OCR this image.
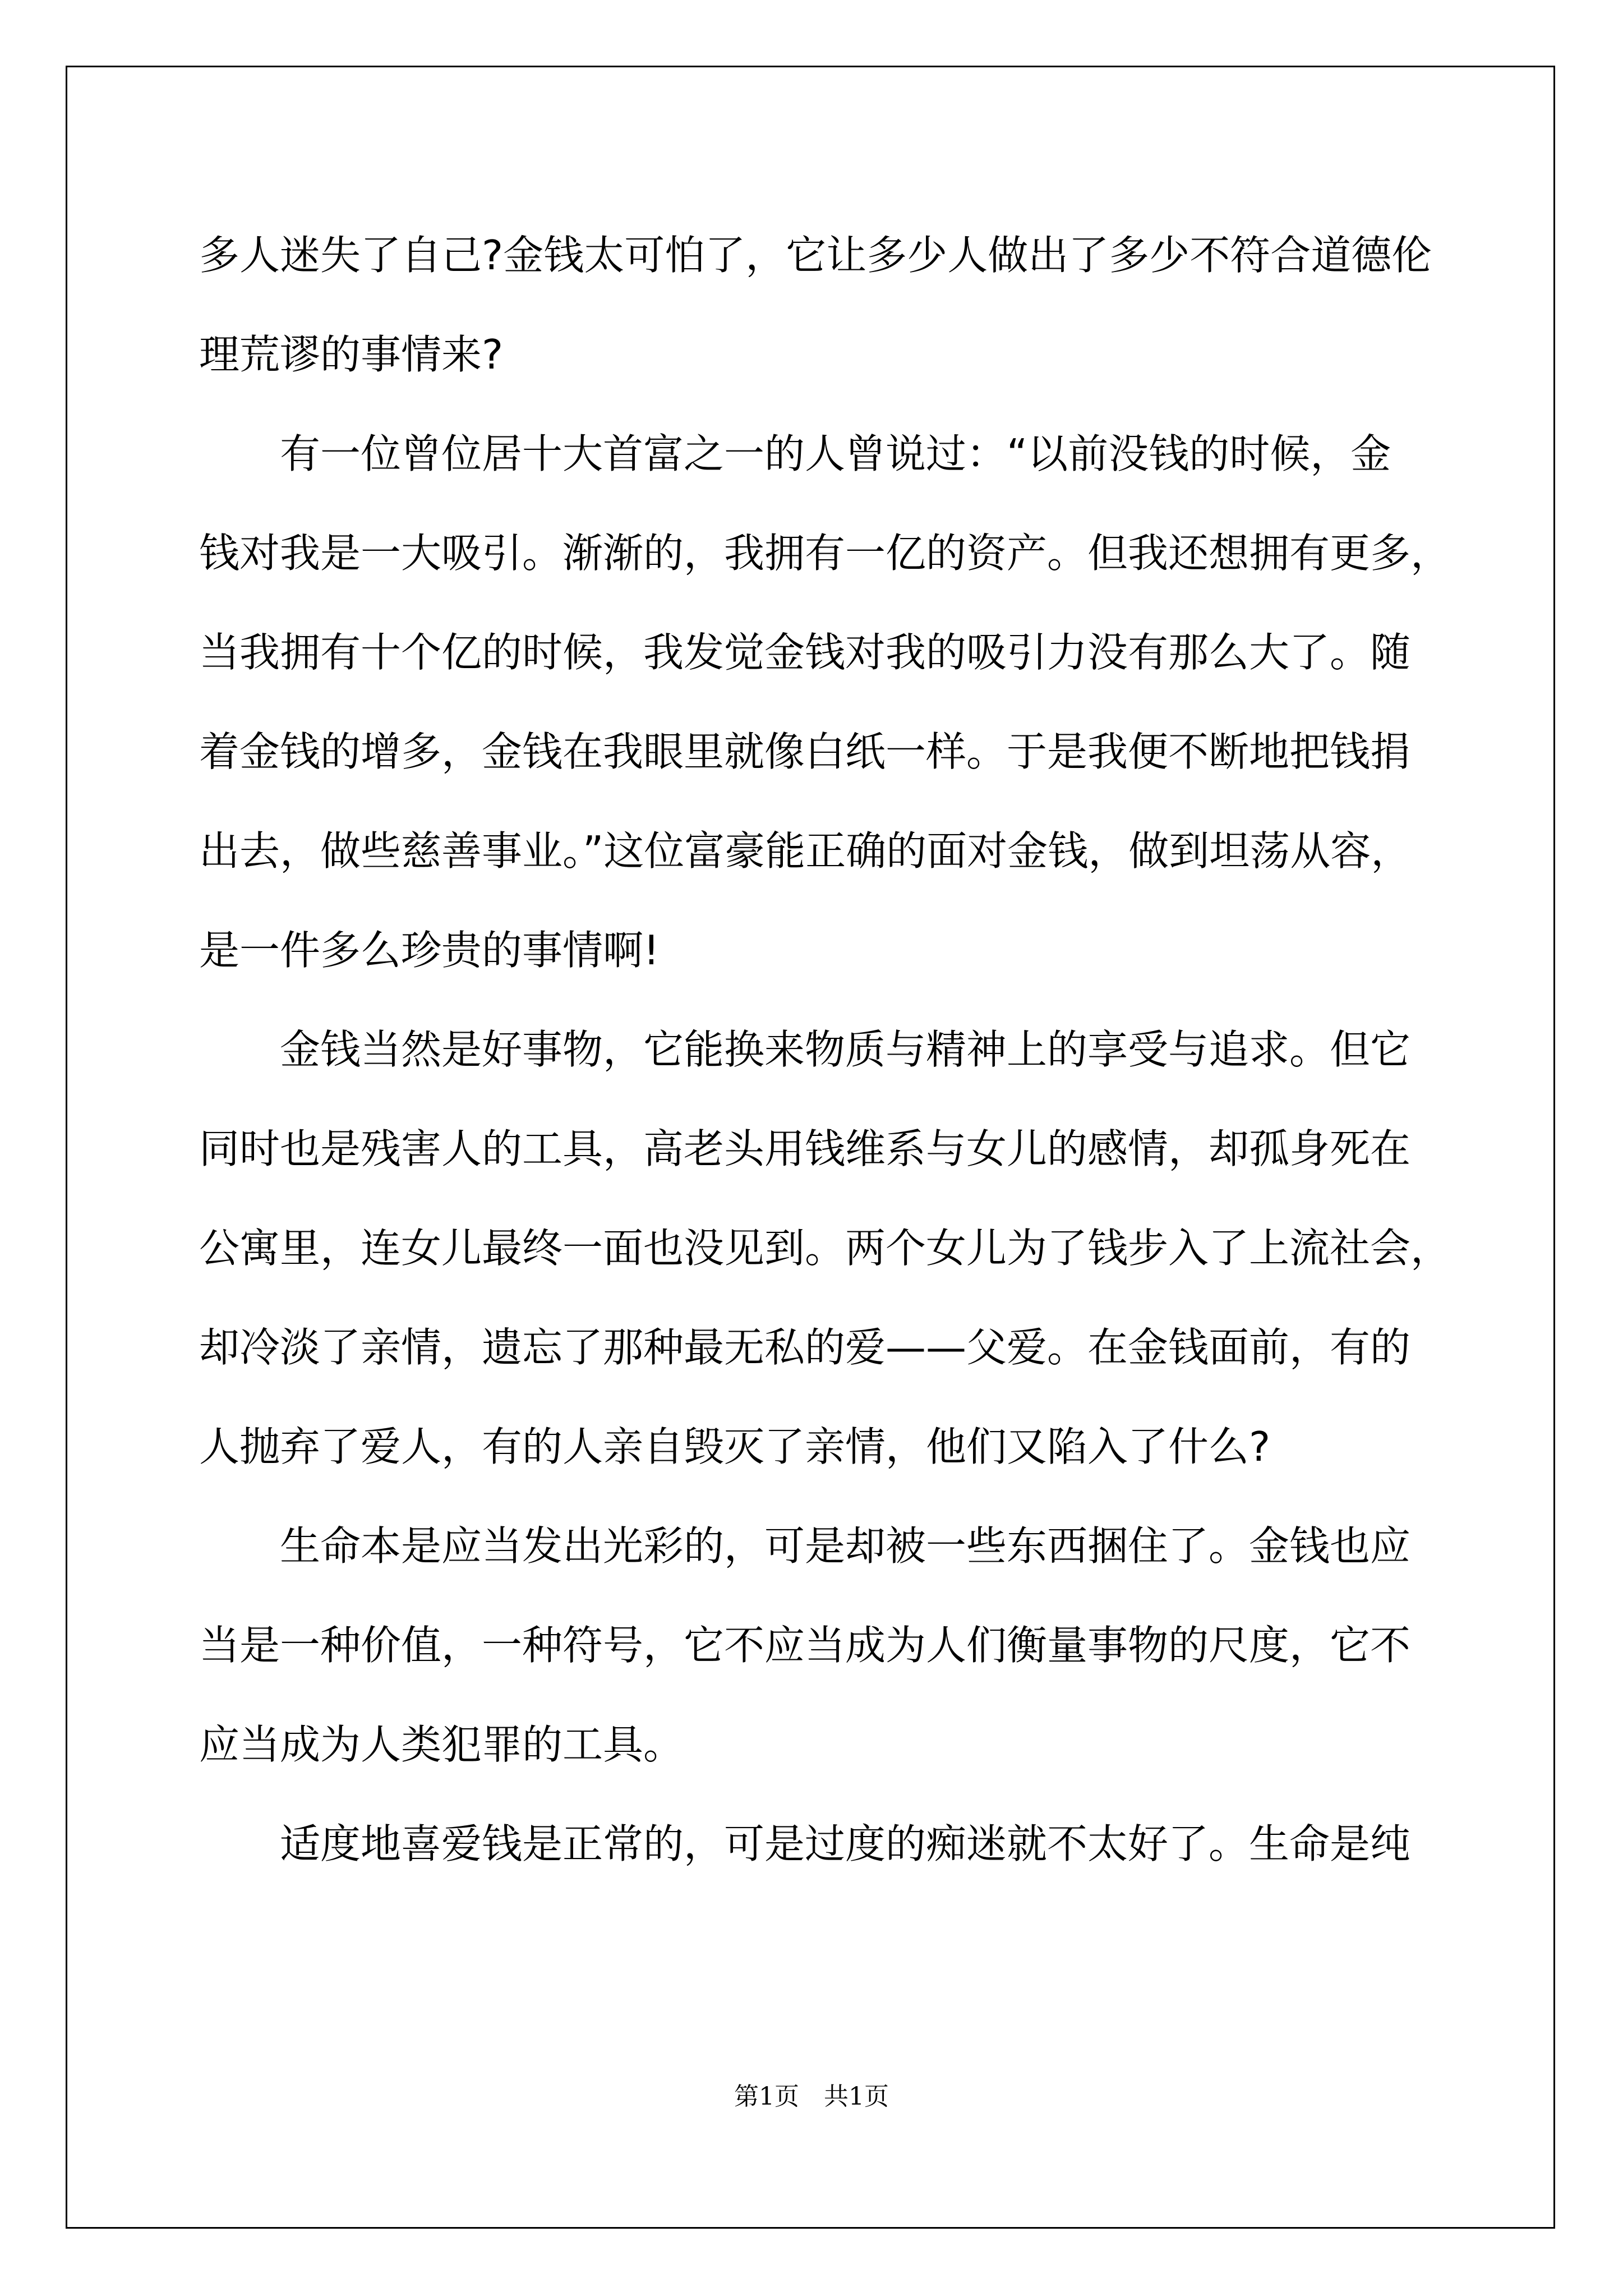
多人迷失了自己?金钱太可怕了，它让多少人做出了多少不符合道德伦
理荒谬的事情来?
　　有一位曾位居十大首富之一的人曾说过：“以前没钱的时候，金
钱对我是一大吸引。渐渐的，我拥有一亿的资产。但我还想拥有更多，
当我拥有十个亿的时候，我发觉金钱对我的吸引力没有那么大了。随
着金钱的增多，金钱在我眼里就像白纸一样。于是我便不断地把钱捐
出去，做些慈善事业。”这位富豪能正确的面对金钱，做到坦荡从容，
是一件多么珍贵的事情啊!
　　金钱当然是好事物，它能换来物质与精神上的享受与追求。但它
同时也是残害人的工具，高老头用钱维系与女儿的感情，却孤身死在
公寓里，连女儿最终一面也没见到。两个女儿为了钱步入了上流社会，
却冷淡了亲情，遗忘了那种最无私的爱——父爱。在金钱面前，有的
人抛弃了爱人，有的人亲自毁灭了亲情，他们又陷入了什么?
　　生命本是应当发出光彩的，可是却被一些东西捆住了。金钱也应
当是一种价值，一种符号，它不应当成为人们衡量事物的尺度，它不
应当成为人类犯罪的工具。
　　适度地喜爱钱是正常的，可是过度的痴迷就不太好了。生命是纯
第1页　共1页
